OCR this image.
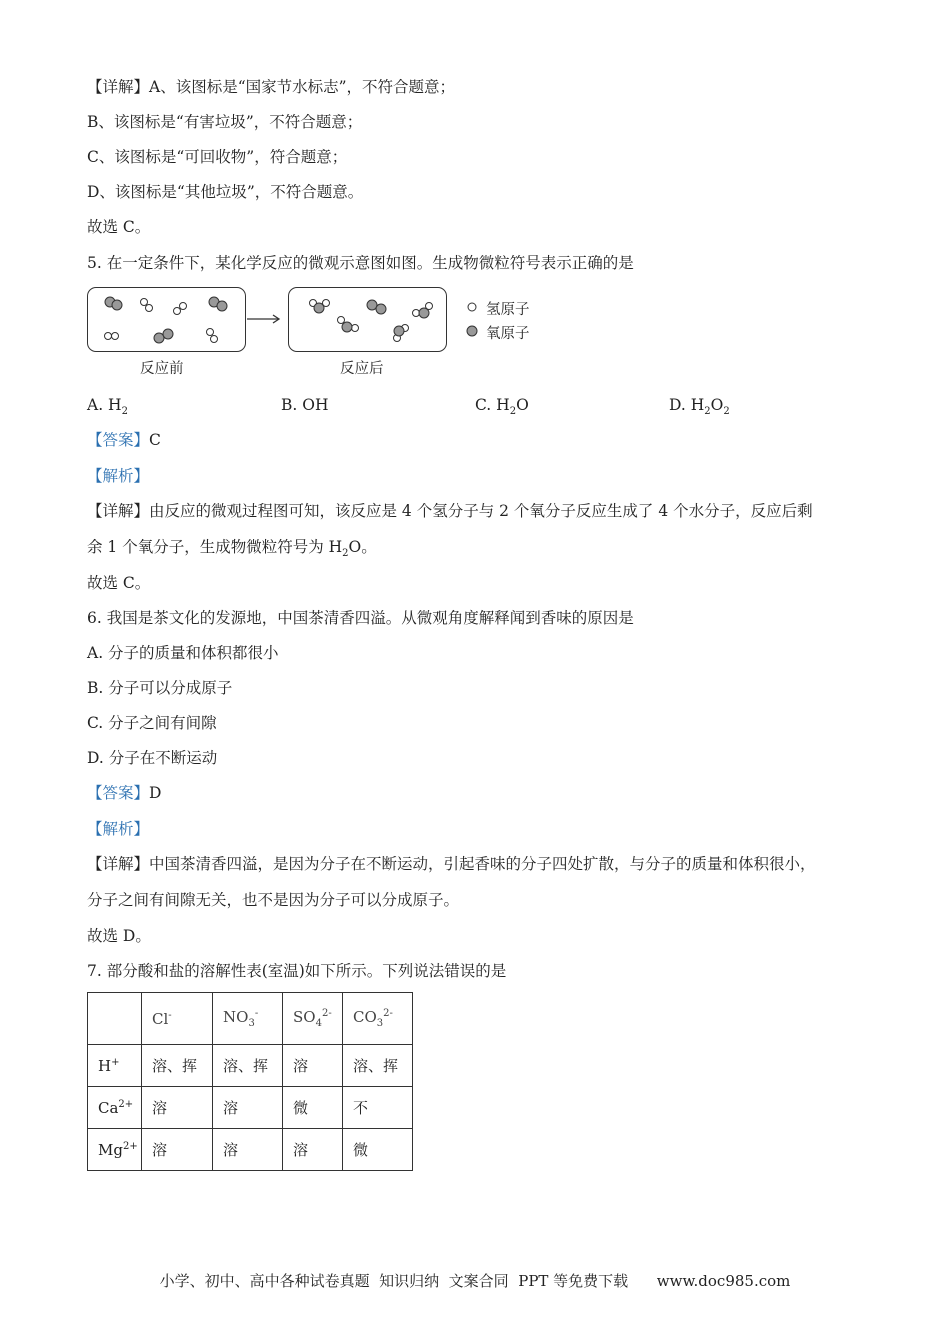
【详解】A、该图标是“国家节水标志”，不符合题意；
B、该图标是“有害垃圾”，不符合题意；
C、该图标是“可回收物”，符合题意；
D、该图标是“其他垃圾”，不符合题意。
故选 C。
5. 在一定条件下，某化学反应的微观示意图如图。生成物微粒符号表示正确的是
氢原子
氧原子
反应前	反应后
A. $H_2$	B. OH	C. $H_2O$	D. $H_2O_2$
【答案】C
【解析】
【详解】由反应的微观过程图可知，该反应是 4 个氢分子与 2 个氧分子反应生成了 4 个水分子，反应后剩
余 1 个氧分子，生成物微粒符号为 $H_2O$。
故选 C。
6. 我国是茶文化的发源地，中国茶清香四溢。从微观角度解释闻到香味的原因是
A. 分子的质量和体积都很小
B. 分子可以分成原子
C. 分子之间有间隙
D. 分子在不断运动
【答案】D
【解析】
【详解】中国茶清香四溢，是因为分子在不断运动，引起香味的分子四处扩散，与分子的质量和体积很小，
分子之间有间隙无关，也不是因为分子可以分成原子。
故选 D。
7. 部分酸和盐的溶解性表(室温)如下所示。下列说法错误的是
	Cl-	$NO_3^-$	$SO_4^{2-}$	$CO_3^{2-}$
H+	溶、挥	溶、挥	溶	溶、挥
$Ca^{2+}$	溶	溶	微	不
$Mg^{2+}$	溶	溶	溶	微
小学、初中、高中各种试卷真题  知识归纳  文案合同  PPT 等免费下载      www.doc985.com
